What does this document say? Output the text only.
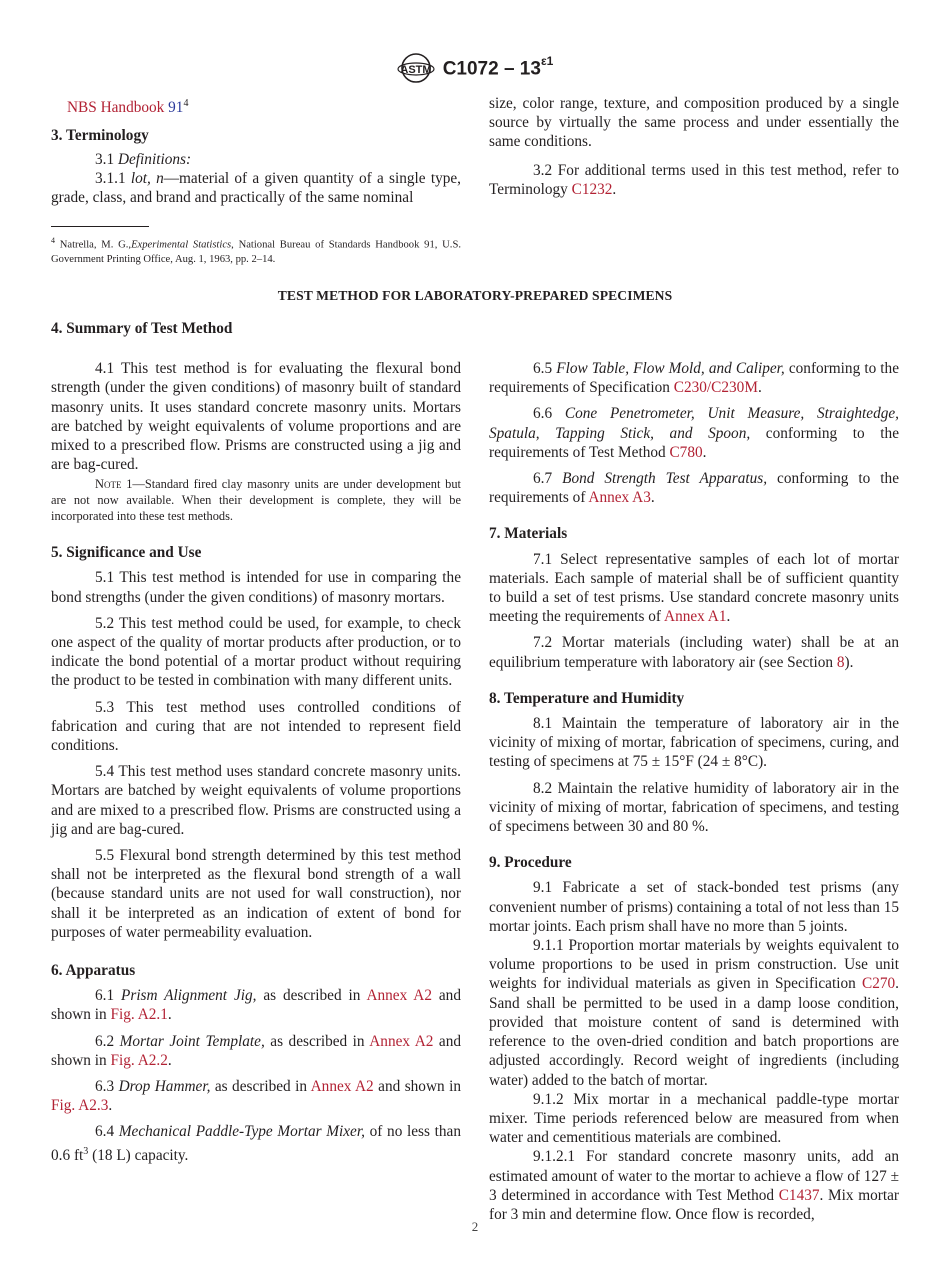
ASTM $C1072 - 13^{\varepsilon 1}$

NBS Handbook $91^4$

3. Terminology

3.1 Definitions:

3.1.1 lot, n—material of a given quantity of a single type, grade, class, and brand and practically of the same nominal

$^4$ Natrella, M. G.,Experimental Statistics, National Bureau of Standards Handbook 91, U.S. Government Printing Office, Aug. 1, 1963, pp. 2–14.

size, color range, texture, and composition produced by a single source by virtually the same process and under essentially the same conditions.

3.2 For additional terms used in this test method, refer to Terminology C1232.

TEST METHOD FOR LABORATORY-PREPARED SPECIMENS

4. Summary of Test Method

4.1 This test method is for evaluating the flexural bond strength (under the given conditions) of masonry built of standard masonry units. It uses standard concrete masonry units. Mortars are batched by weight equivalents of volume proportions and are mixed to a prescribed flow. Prisms are constructed using a jig and are bag-cured.

Note 1—Standard fired clay masonry units are under development but are not now available. When their development is complete, they will be incorporated into these test methods.

5. Significance and Use

5.1 This test method is intended for use in comparing the bond strengths (under the given conditions) of masonry mortars.

5.2 This test method could be used, for example, to check one aspect of the quality of mortar products after production, or to indicate the bond potential of a mortar product without requiring the product to be tested in combination with many different units.

5.3 This test method uses controlled conditions of fabrication and curing that are not intended to represent field conditions.

5.4 This test method uses standard concrete masonry units. Mortars are batched by weight equivalents of volume proportions and are mixed to a prescribed flow. Prisms are constructed using a jig and are bag-cured.

5.5 Flexural bond strength determined by this test method shall not be interpreted as the flexural bond strength of a wall (because standard units are not used for wall construction), nor shall it be interpreted as an indication of extent of bond for purposes of water permeability evaluation.

6. Apparatus

6.1 Prism Alignment Jig, as described in Annex A2 and shown in Fig. A2.1.

6.2 Mortar Joint Template, as described in Annex A2 and shown in Fig. A2.2.

6.3 Drop Hammer, as described in Annex A2 and shown in Fig. A2.3.

6.4 Mechanical Paddle-Type Mortar Mixer, of no less than 0.6 $ft^3$ (18 L) capacity.

6.5 Flow Table, Flow Mold, and Caliper, conforming to the requirements of Specification C230/C230M.

6.6 Cone Penetrometer, Unit Measure, Straightedge, Spatula, Tapping Stick, and Spoon, conforming to the requirements of Test Method C780.

6.7 Bond Strength Test Apparatus, conforming to the requirements of Annex A3.

7. Materials

7.1 Select representative samples of each lot of mortar materials. Each sample of material shall be of sufficient quantity to build a set of test prisms. Use standard concrete masonry units meeting the requirements of Annex A1.

7.2 Mortar materials (including water) shall be at an equilibrium temperature with laboratory air (see Section 8).

8. Temperature and Humidity

8.1 Maintain the temperature of laboratory air in the vicinity of mixing of mortar, fabrication of specimens, curing, and testing of specimens at 75 ± 15°F (24 ± 8°C).

8.2 Maintain the relative humidity of laboratory air in the vicinity of mixing of mortar, fabrication of specimens, and testing of specimens between 30 and 80 %.

9. Procedure

9.1 Fabricate a set of stack-bonded test prisms (any convenient number of prisms) containing a total of not less than 15 mortar joints. Each prism shall have no more than 5 joints.

9.1.1 Proportion mortar materials by weights equivalent to volume proportions to be used in prism construction. Use unit weights for individual materials as given in Specification C270. Sand shall be permitted to be used in a damp loose condition, provided that moisture content of sand is determined with reference to the oven-dried condition and batch proportions are adjusted accordingly. Record weight of ingredients (including water) added to the batch of mortar.

9.1.2 Mix mortar in a mechanical paddle-type mortar mixer. Time periods referenced below are measured from when water and cementitious materials are combined.

9.1.2.1 For standard concrete masonry units, add an estimated amount of water to the mortar to achieve a flow of 127 ± 3 determined in accordance with Test Method C1437. Mix mortar for 3 min and determine flow. Once flow is recorded,

2
